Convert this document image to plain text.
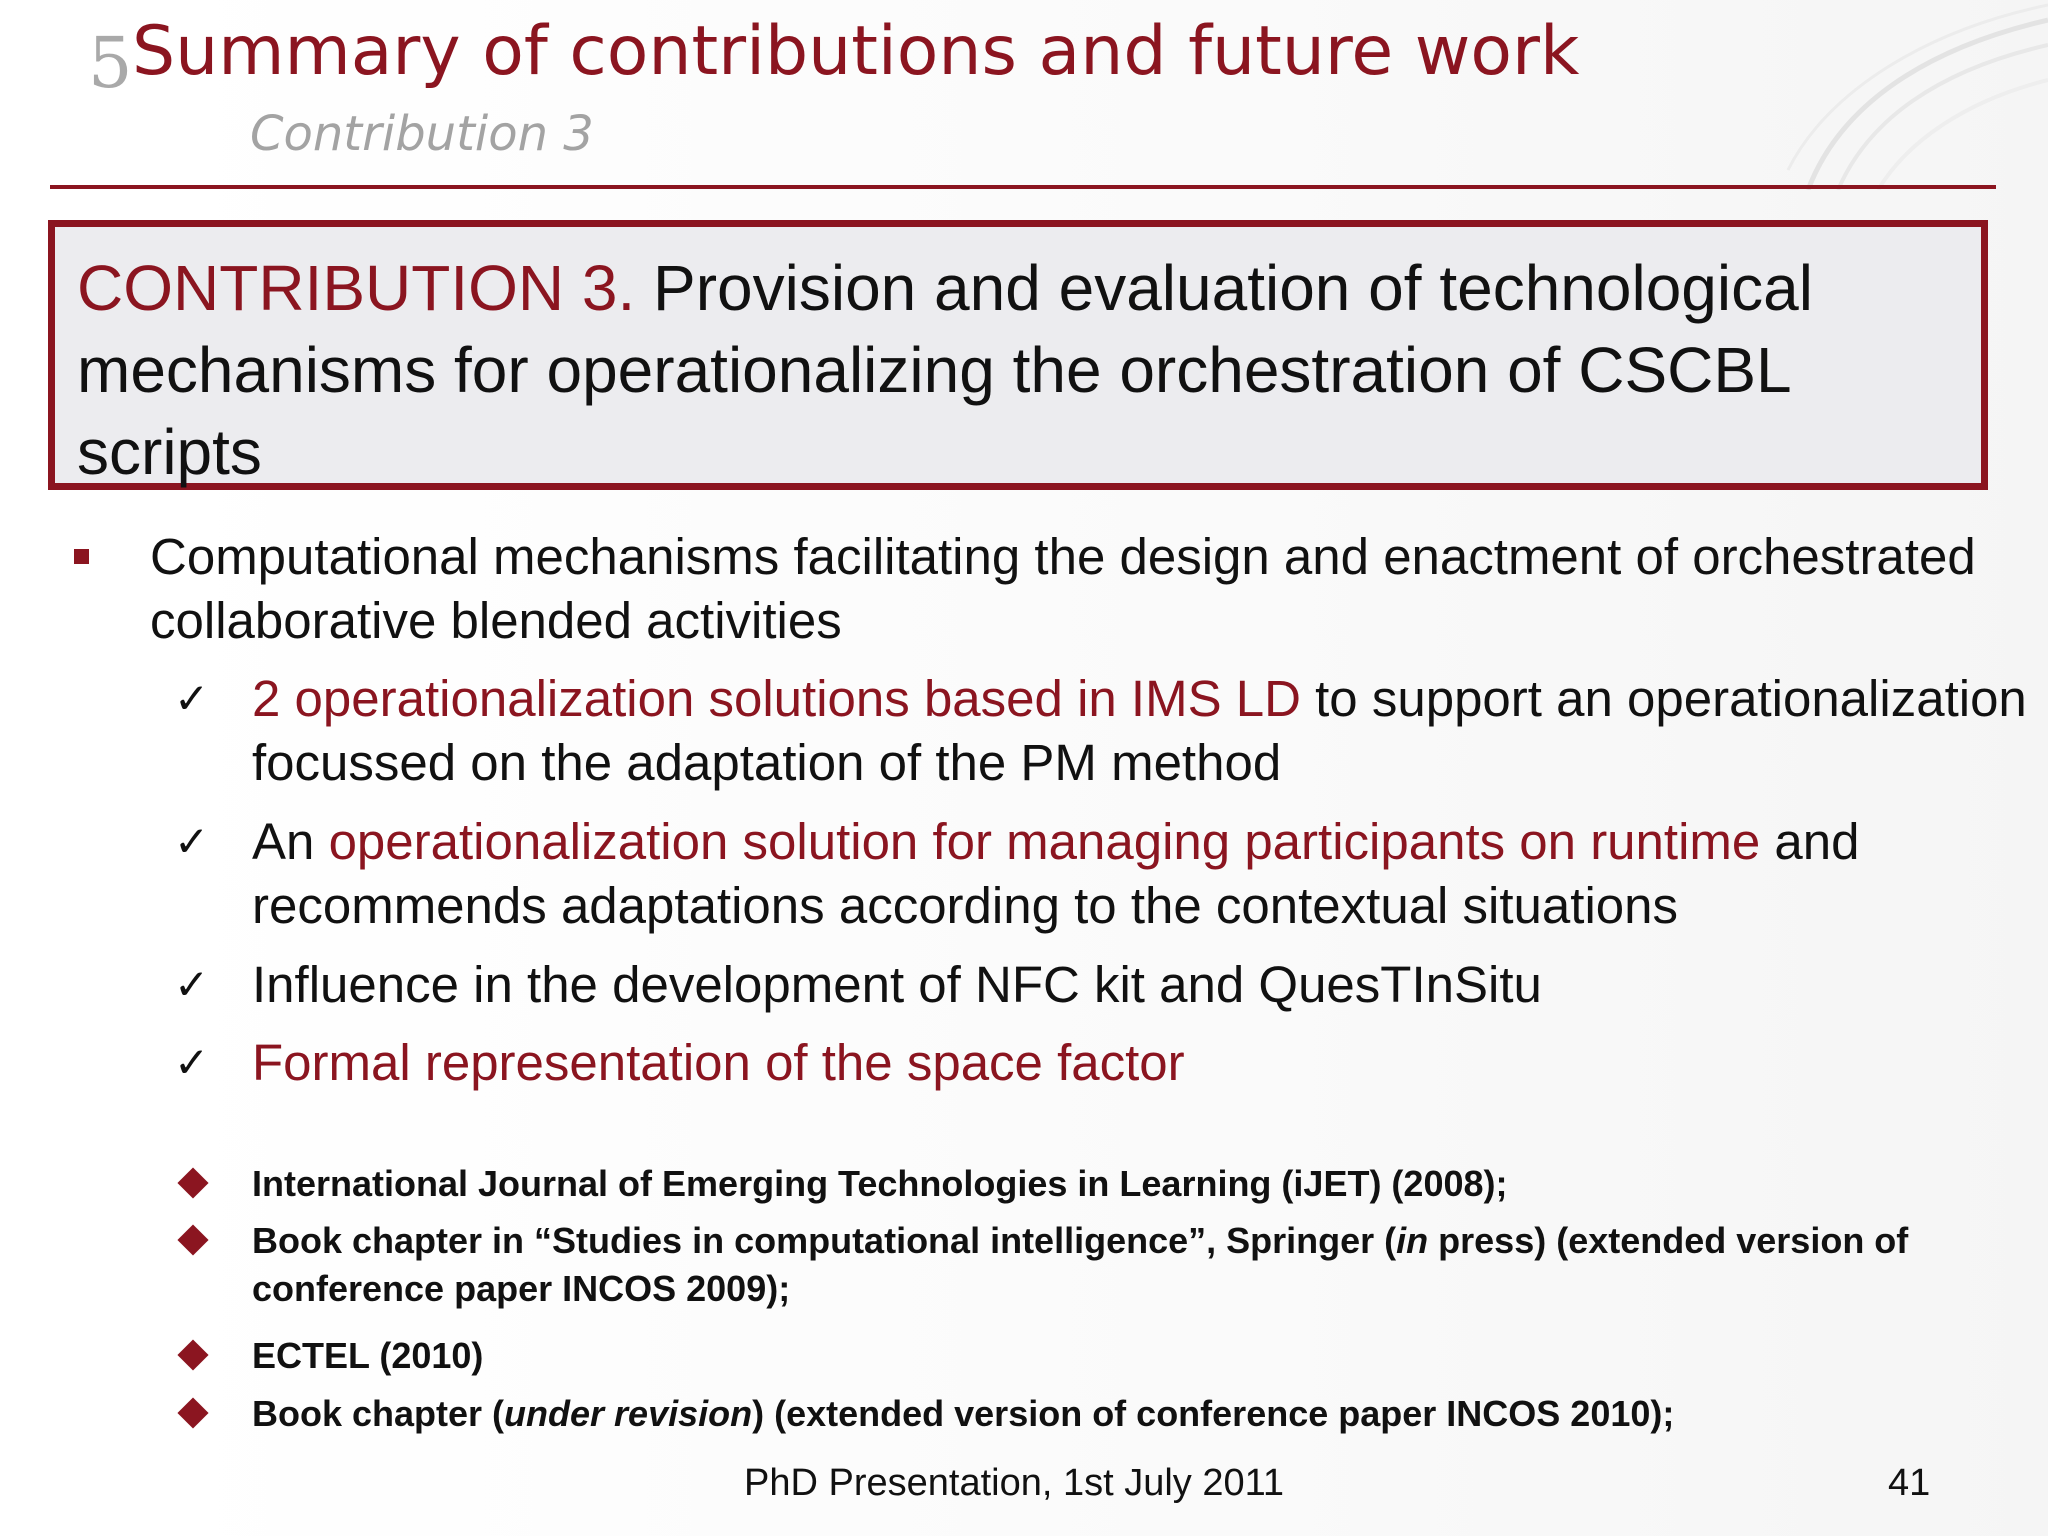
5 Summary of contributions and future work
Contribution 3
CONTRIBUTION 3. Provision and evaluation of technological mechanisms for operationalizing the orchestration of CSCBL scripts
Computational mechanisms facilitating the design and enactment of orchestrated collaborative blended activities
✓ 2 operationalization solutions based in IMS LD to support an operationalization focussed on the adaptation of the PM method
✓ An operationalization solution for managing participants on runtime and recommends adaptations according to the contextual situations
✓ Influence in the development of NFC kit and QuesTInSitu
✓ Formal representation of the space factor
International Journal of Emerging Technologies in Learning (iJET) (2008);
Book chapter in “Studies in computational intelligence”, Springer (in press) (extended version of conference paper INCOS 2009);
ECTEL (2010)
Book chapter (under revision) (extended version of conference paper INCOS 2010);
PhD Presentation, 1st July 2011	41
